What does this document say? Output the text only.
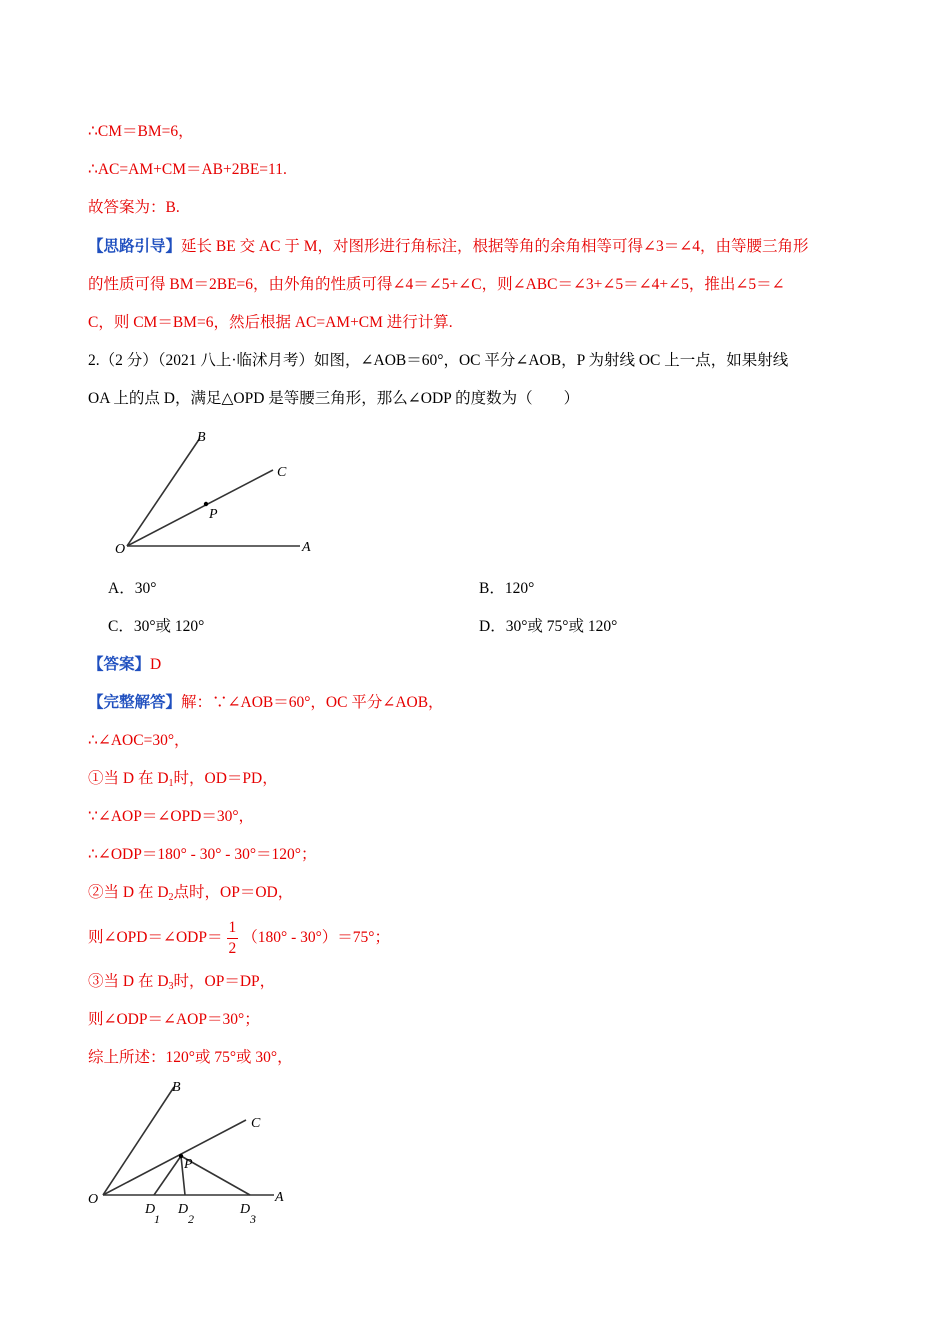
∴CM＝BM=6，
∴AC=AM+CM＝AB+2BE=11.
故答案为：B.
【思路引导】延长 BE 交 AC 于 M，对图形进行角标注，根据等角的余角相等可得∠3＝∠4，由等腰三角形
的性质可得 BM＝2BE=6，由外角的性质可得∠4＝∠5+∠C，则∠ABC＝∠3+∠5＝∠4+∠5，推出∠5＝∠
C，则 CM＝BM=6，然后根据 AC=AM+CM 进行计算.
2.（2 分）（2021 八上·临沭月考）如图，∠AOB＝60°，OC 平分∠AOB，P 为射线 OC 上一点，如果射线
OA 上的点 D，满足△OPD 是等腰三角形，那么∠ODP 的度数为（　　）
B
C
P
O	A
A．30°	B．120°
C．30°或 120°	D．30°或 75°或 120°
【答案】D
【完整解答】解：∵∠AOB＝60°，OC 平分∠AOB，
∴∠AOC=30°，
①当 D 在 $D_1$时，OD＝PD，
∵∠AOP＝∠OPD＝30°，
∴∠ODP＝180° - 30° - 30°＝120°；
②当 D 在 $D_2$点时，OP＝OD，
则∠OPD＝∠ODP＝ $\frac{1}{2} (180^\circ - 30^\circ)=75^\circ$；
③当 D 在 $D_3$时，OP＝DP，
则∠ODP＝∠AOP＝30°；
综上所述：120°或 75°或 30°，
B
C
P
O	A
D
1
D
2
D
3
